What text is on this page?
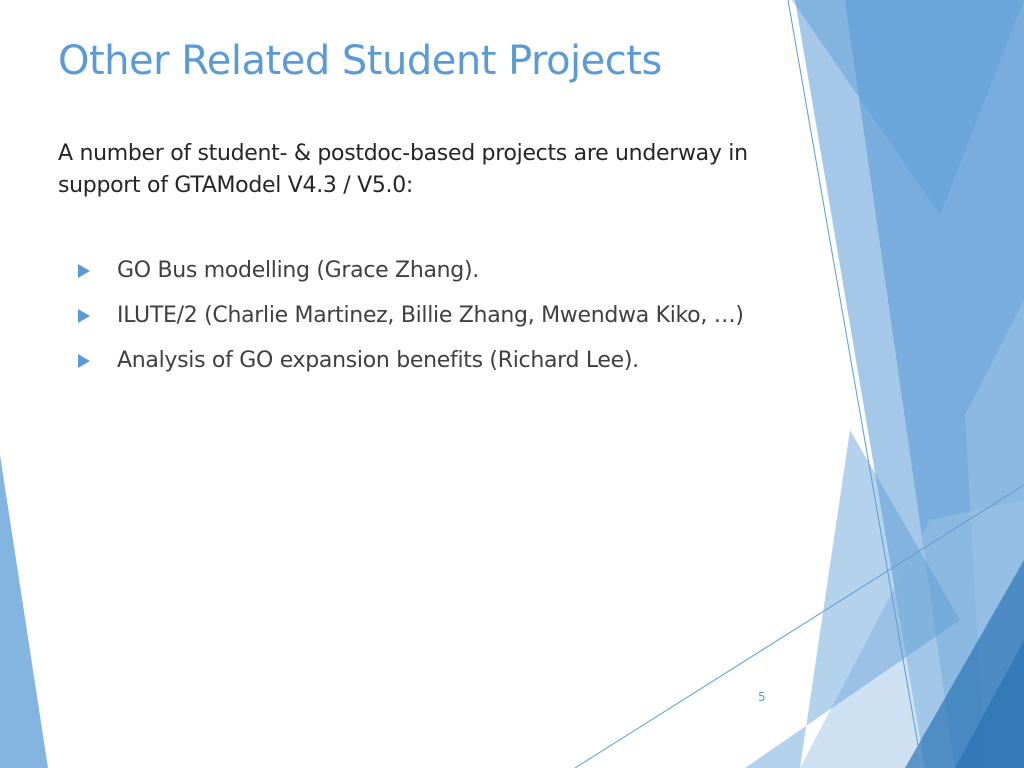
Other Related Student Projects

A number of student- & postdoc-based projects are underway in support of GTAModel V4.3 / V5.0:

GO Bus modelling (Grace Zhang).
ILUTE/2 (Charlie Martinez, Billie Zhang, Mwendwa Kiko, …)
Analysis of GO expansion benefits (Richard Lee).
5
